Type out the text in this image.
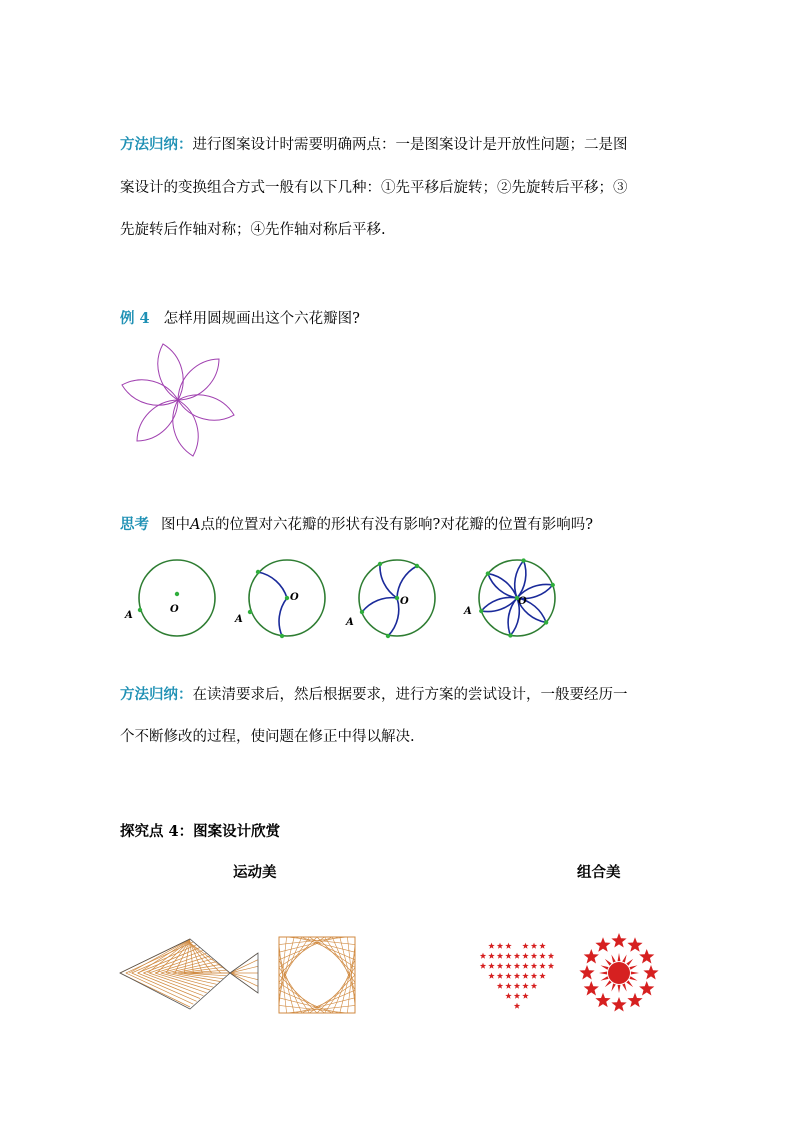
方法归纳：进行图案设计时需要明确两点：一是图案设计是开放性问题；二是图
案设计的变换组合方式一般有以下几种：①先平移后旋转；②先旋转后平移；③
先旋转后作轴对称；④先作轴对称后平移.
例 4 怎样用圆规画出这个六花瓣图?
思考 图中A点的位置对六花瓣的形状有没有影响?对花瓣的位置有影响吗?
O
A
O
A
O
A
O
A
方法归纳：在读清要求后，然后根据要求，进行方案的尝试设计，一般要经历一
个不断修改的过程，使问题在修正中得以解决.
探究点 4：图案设计欣赏
运动美	组合美
